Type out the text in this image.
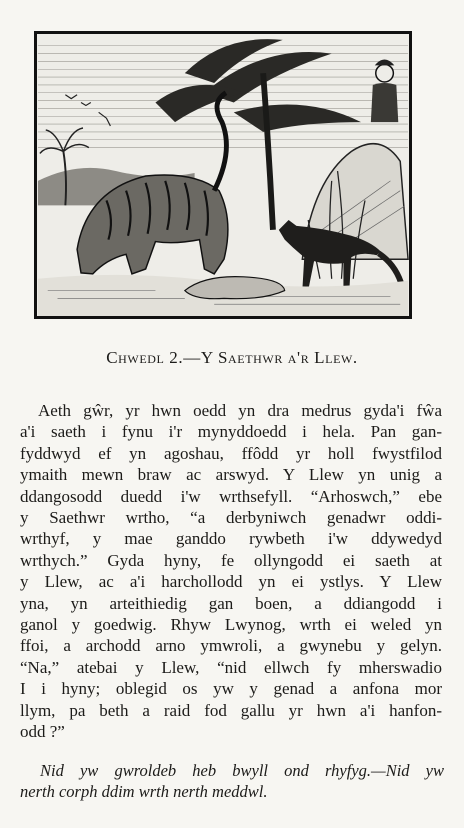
Chwedl 2.—Y Saethwr a'r Llew.
Aeth gŵr, yr hwn oedd yn dra medrus gyda'i fŵa
a'i saeth i fynu i'r mynyddoedd i hela. Pan gan-
fyddwyd ef yn agoshau, ffôdd yr holl fwystfilod
ymaith mewn braw ac arswyd. Y Llew yn unig a
ddangosodd duedd i'w wrthsefyll. “Arhoswch,” ebe
y Saethwr wrtho, “a derbyniwch genadwr oddi-
wrthyf, y mae ganddo rywbeth i'w ddywedyd
wrthych.” Gyda hyny, fe ollyngodd ei saeth at
y Llew, ac a'i harchollodd yn ei ystlys. Y Llew
yna, yn arteithiedig gan boen, a ddiangodd i
ganol y goedwig. Rhyw Lwynog, wrth ei weled yn
ffoi, a archodd arno ymwroli, a gwynebu y gelyn.
“Na,” atebai y Llew, “nid ellwch fy mherswadio
I i hyny; oblegid os yw y genad a anfona mor
llym, pa beth a raid fod gallu yr hwn a'i hanfon-
odd ?”
Nid yw gwroldeb heb bwyll ond rhyfyg.—Nid yw
nerth corph ddim wrth nerth meddwl.
